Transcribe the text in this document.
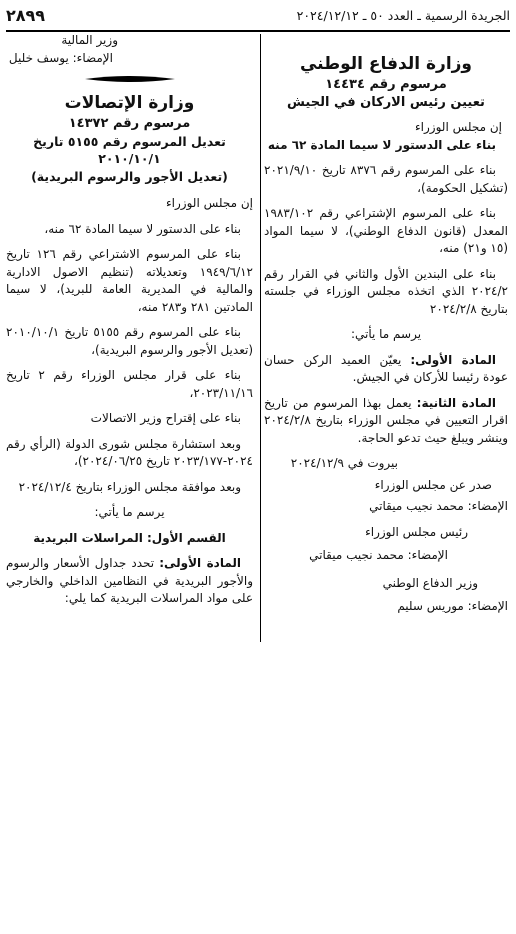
الجريدة الرسمية ـ العدد ٥٠ ـ ٢٠٢٤/١٢/١٢
٢٨٩٩

وزارة الدفاع الوطني

مرسوم رقم ١٤٤٣٤

تعيين رئيس الاركان في الجيش

إن مجلس الوزراء

بناء على الدستور لا سيما المادة ٦٢ منه

بناء على المرسوم رقم ٨٣٧٦ تاريخ ٢٠٢١/٩/١٠ (تشكيل الحكومة)،

بناء على المرسوم الإشتراعي رقم ١٩٨٣/١٠٢ المعدل (قانون الدفاع الوطني)، لا سيما المواد (١٥ و٢١) منه،

بناء على البندين الأول والثاني في القرار رقم ٢٠٢٤/٢ الذي اتخذه مجلس الوزراء في جلسته بتاريخ ٢٠٢٤/٢/٨

يرسم ما يأتي:

المادة الأولى: يعيّن العميد الركن حسان عودة رئيسا للأركان في الجيش.

المادة الثانية: يعمل بهذا المرسوم من تاريخ اقرار التعيين في مجلس الوزراء بتاريخ ٢٠٢٤/٢/٨ وينشر ويبلغ حيث تدعو الحاجة.

بيروت في ٢٠٢٤/١٢/٩

صدر عن مجلس الوزراء

الإمضاء: محمد نجيب ميقاتي

رئيس مجلس الوزراء

الإمضاء: محمد نجيب ميقاتي

وزير الدفاع الوطني

الإمضاء: موريس سليم

وزير المالية

الإمضاء: يوسف خليل

وزارة الإتصالات

مرسوم رقم ١٤٣٧٢

تعديل المرسوم رقم ٥١٥٥ تاريخ ٢٠١٠/١٠/١

(تعديل الأجور والرسوم البريدية)

إن مجلس الوزراء

بناء على الدستور لا سيما المادة ٦٢ منه،

بناء على المرسوم الاشتراعي رقم ١٢٦ تاريخ ١٩٤٩/٦/١٢ وتعديلاته (تنظيم الاصول الادارية والمالية في المديرية العامة للبريد)، لا سيما المادتين ٢٨١ و٢٨٣ منه،

بناء على المرسوم رقم ٥١٥٥ تاريخ ٢٠١٠/١٠/١ (تعديل الأجور والرسوم البريدية)،

بناء على قرار مجلس الوزراء رقم ٢ تاريخ ٢٠٢٣/١١/١٦،

بناء على إقتراح وزير الاتصالات

وبعد استشارة مجلس شورى الدولة (الرأي رقم ٢٠٢٤-٢٠٢٣/١٧٧ تاريخ ٢٠٢٤/٠٦/٢٥)،

وبعد موافقة مجلس الوزراء بتاريخ ٢٠٢٤/١٢/٤

يرسم ما يأتي:

القسم الأول: المراسلات البريدية

المادة الأولى: تحدد جداول الأسعار والرسوم والأجور البريدية في النظامين الداخلي والخارجي على مواد المراسلات البريدية كما يلي:
